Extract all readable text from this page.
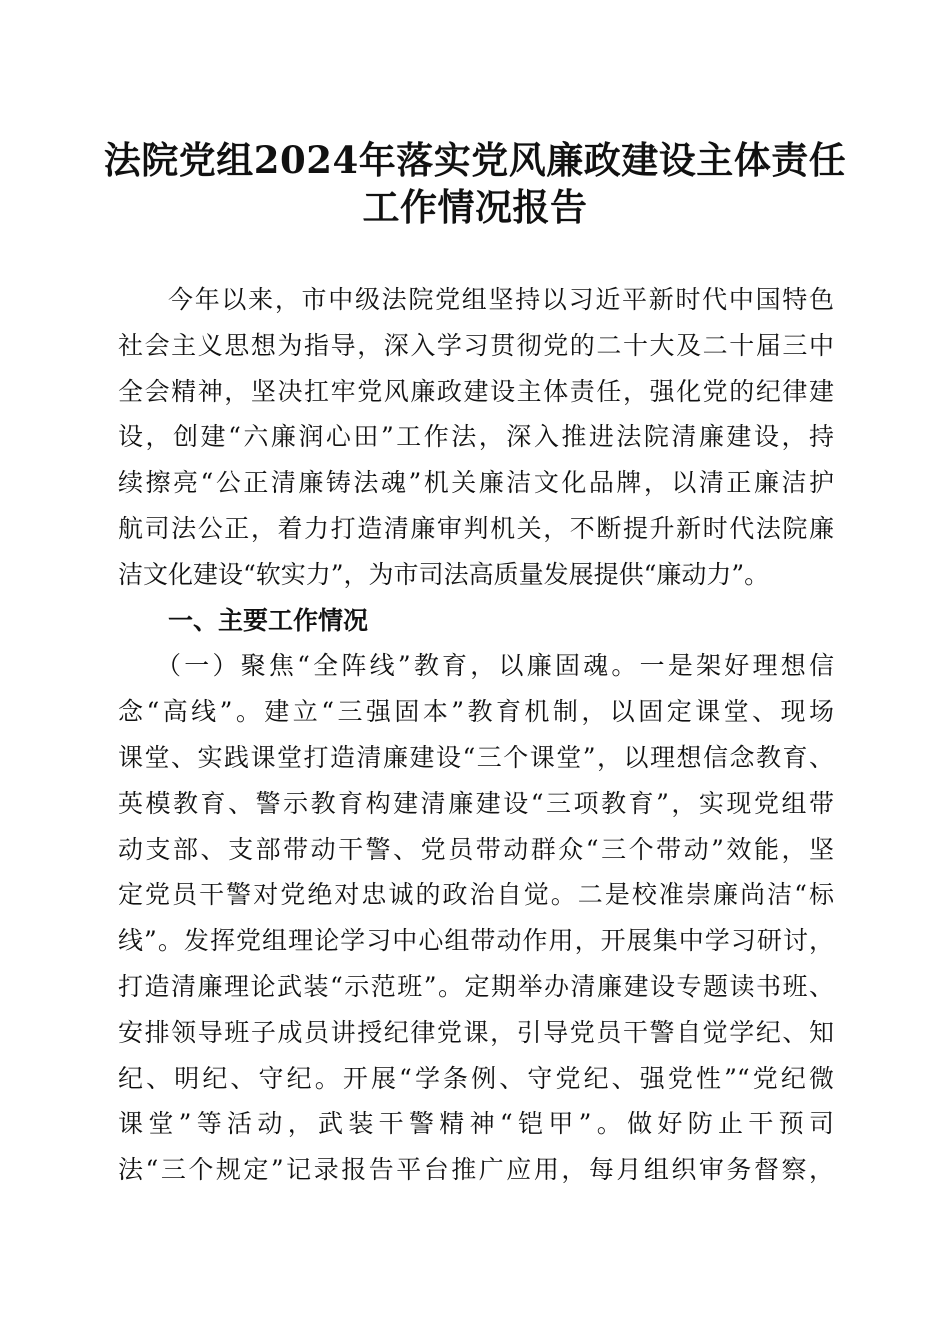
法院党组2024年落实党风廉政建设主体责任
工作情况报告
今年以来，市中级法院党组坚持以习近平新时代中国特色
社会主义思想为指导，深入学习贯彻党的二十大及二十届三中
全会精神，坚决扛牢党风廉政建设主体责任，强化党的纪律建
设，创建“六廉润心田”工作法，深入推进法院清廉建设，持
续擦亮“公正清廉铸法魂”机关廉洁文化品牌，以清正廉洁护
航司法公正，着力打造清廉审判机关，不断提升新时代法院廉
洁文化建设“软实力”，为市司法高质量发展提供“廉动力”。
一、主要工作情况
（一）聚焦“全阵线”教育，以廉固魂。一是架好理想信
念“高线”。建立“三强固本”教育机制，以固定课堂、现场
课堂、实践课堂打造清廉建设“三个课堂”，以理想信念教育、
英模教育、警示教育构建清廉建设“三项教育”，实现党组带
动支部、支部带动干警、党员带动群众“三个带动”效能，坚
定党员干警对党绝对忠诚的政治自觉。二是校准崇廉尚洁“标
线”。发挥党组理论学习中心组带动作用，开展集中学习研讨，
打造清廉理论武装“示范班”。定期举办清廉建设专题读书班、
安排领导班子成员讲授纪律党课，引导党员干警自觉学纪、知
纪、明纪、守纪。开展“学条例、守党纪、强党性”“党纪微
课堂”等活动，武装干警精神“铠甲”。做好防止干预司
法“三个规定”记录报告平台推广应用，每月组织审务督察，
